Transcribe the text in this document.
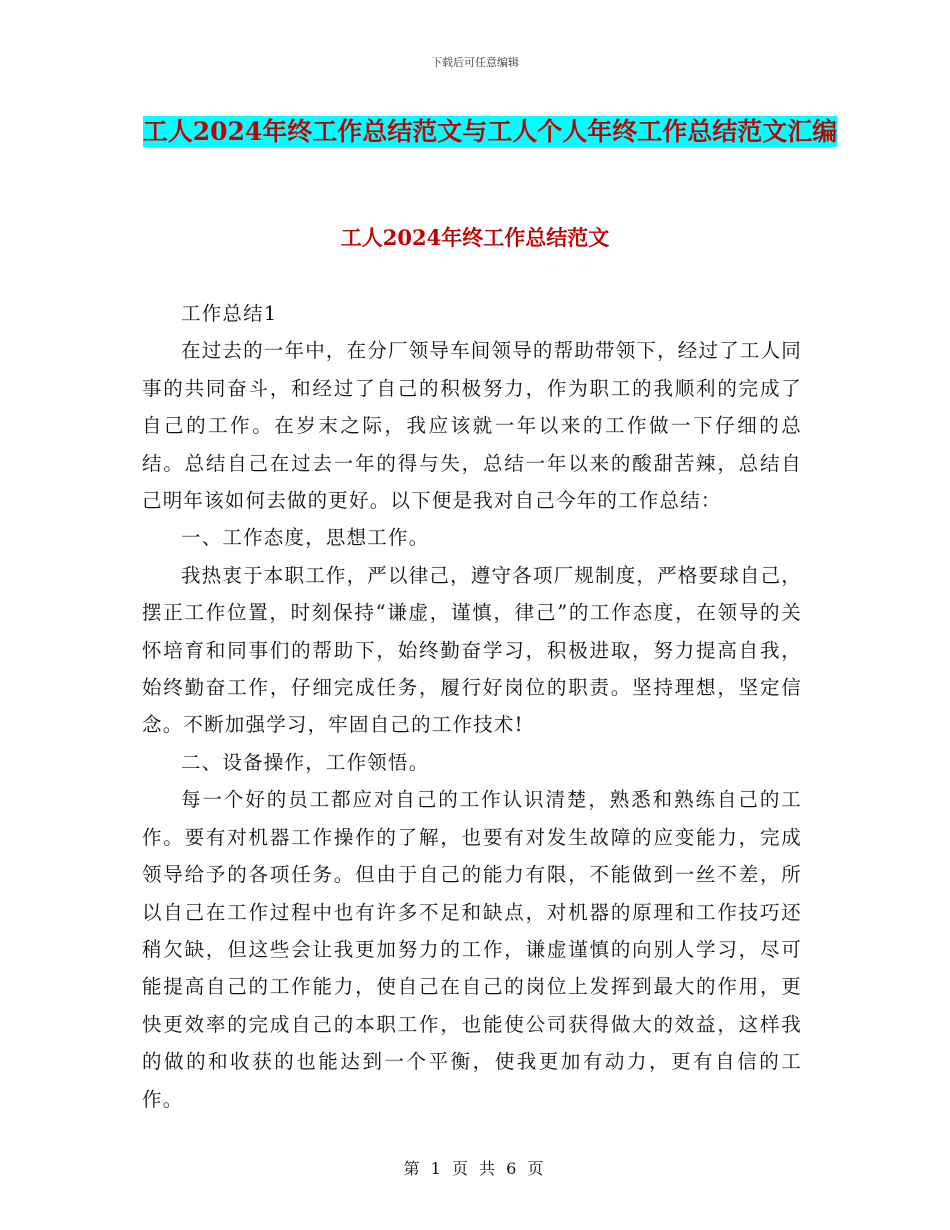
下载后可任意编辑
工人2024年终工作总结范文与工人个人年终工作总结范文汇编
工人2024年终工作总结范文

工作总结1

在过去的一年中，在分厂领导车间领导的帮助带领下，经过了工人同事的共同奋斗，和经过了自己的积极努力，作为职工的我顺利的完成了自己的工作。在岁末之际，我应该就一年以来的工作做一下仔细的总结。总结自己在过去一年的得与失，总结一年以来的酸甜苦辣，总结自己明年该如何去做的更好。以下便是我对自己今年的工作总结：

一、工作态度，思想工作。

我热衷于本职工作，严以律己，遵守各项厂规制度，严格要球自己，摆正工作位置，时刻保持“谦虚，谨慎，律己”的工作态度，在领导的关怀培育和同事们的帮助下，始终勤奋学习，积极进取，努力提高自我，始终勤奋工作，仔细完成任务，履行好岗位的职责。坚持理想，坚定信念。不断加强学习，牢固自己的工作技术!

二、设备操作，工作领悟。

每一个好的员工都应对自己的工作认识清楚，熟悉和熟练自己的工作。要有对机器工作操作的了解，也要有对发生故障的应变能力，完成领导给予的各项任务。但由于自己的能力有限，不能做到一丝不差，所以自己在工作过程中也有许多不足和缺点，对机器的原理和工作技巧还稍欠缺，但这些会让我更加努力的工作，谦虚谨慎的向别人学习，尽可能提高自己的工作能力，使自己在自己的岗位上发挥到最大的作用，更快更效率的完成自己的本职工作，也能使公司获得做大的效益，这样我的做的和收获的也能达到一个平衡，使我更加有动力，更有自信的工作。

第 1 页 共 6 页
